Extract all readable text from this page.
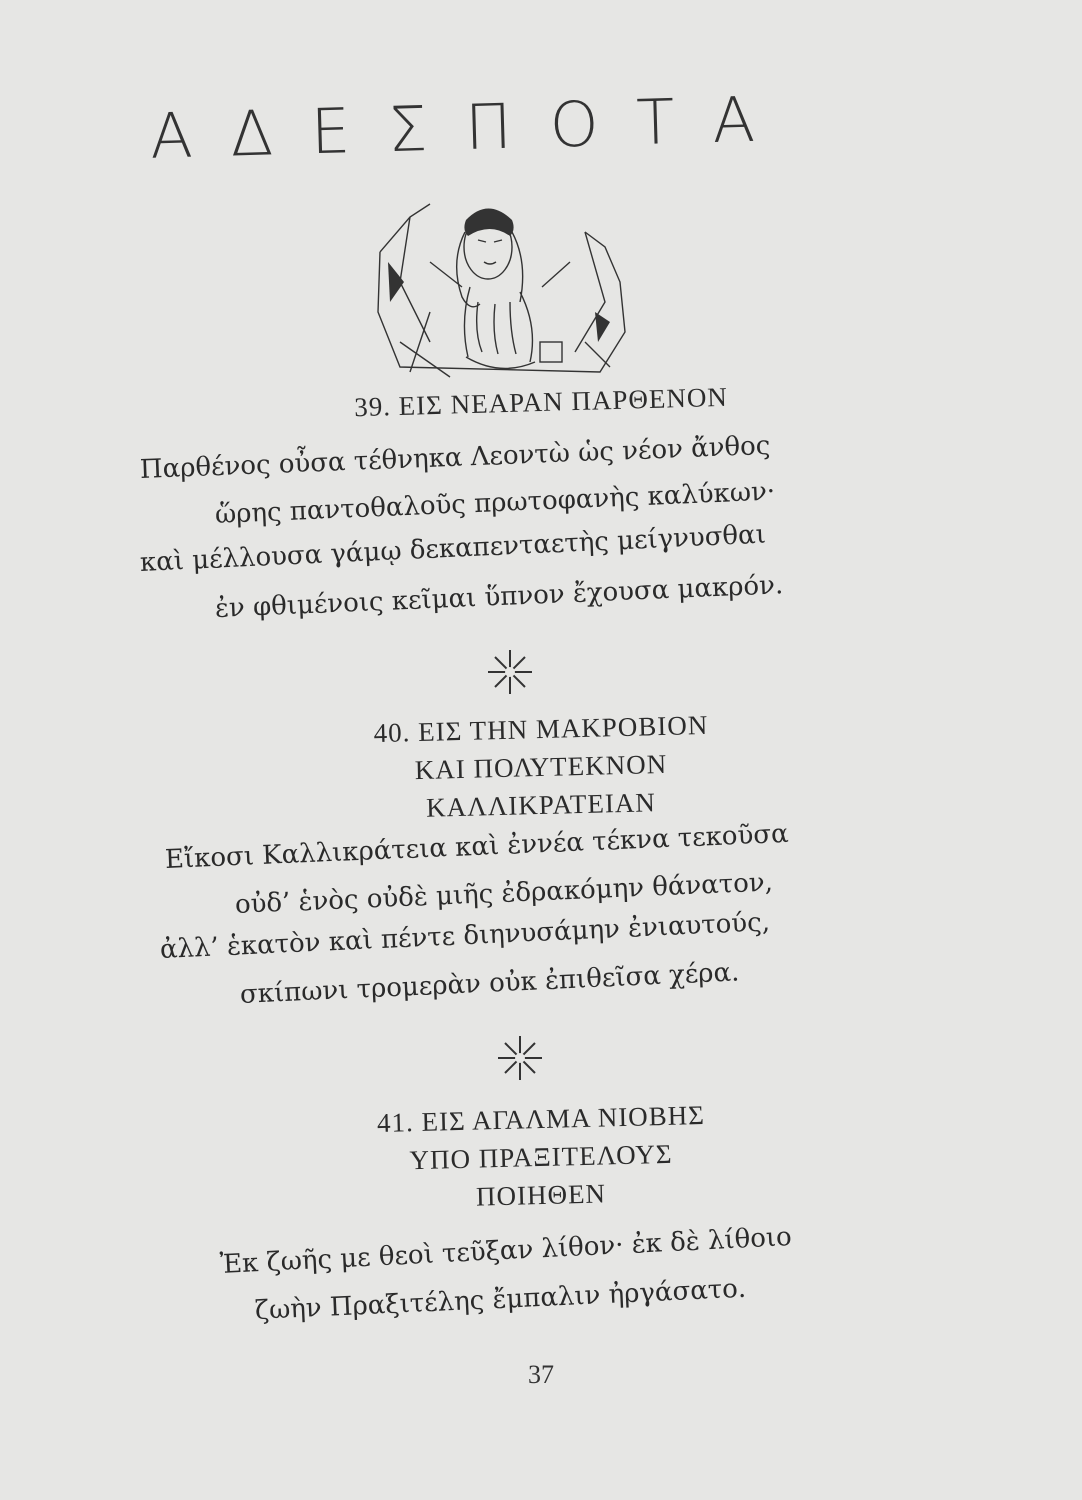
ΑΔΕΣΠΟΤΑ
39. ΕΙΣ ΝΕΑΡΑΝ ΠΑΡΘΕΝΟΝ
Παρθένος οὖσα τέθνηκα Λεοντὼ ὡς νέον ἄνθος
ὥρης παντοθαλοῦς πρωτοφανὴς καλύκων·
καὶ μέλλουσα γάμῳ δεκαπενταετὴς μείγνυσθαι
ἐν φθιμένοις κεῖμαι ὕπνον ἔχουσα μακρόν.
40. ΕΙΣ ΤΗΝ ΜΑΚΡΟΒΙΟΝ
ΚΑΙ ΠΟΛΥΤΕΚΝΟΝ
ΚΑΛΛΙΚΡΑΤΕΙΑΝ
Εἴκοσι Καλλικράτεια καὶ ἐννέα τέκνα τεκοῦσα
οὐδ’ ἑνὸς οὐδὲ μιῆς ἐδρακόμην θάνατον,
ἀλλ’ ἑκατὸν καὶ πέντε διηνυσάμην ἐνιαυτούς,
σκίπωνι τρομερὰν οὐκ ἐπιθεῖσα χέρα.
41. ΕΙΣ ΑΓΑΛΜΑ ΝΙΟΒΗΣ
ΥΠΟ ΠΡΑΞΙΤΕΛΟΥΣ
ΠΟΙΗΘΕΝ
Ἐκ ζωῆς με θεοὶ τεῦξαν λίθον· ἐκ δὲ λίθοιο
ζωὴν Πραξιτέλης ἔμπαλιν ἠργάσατο.
37
